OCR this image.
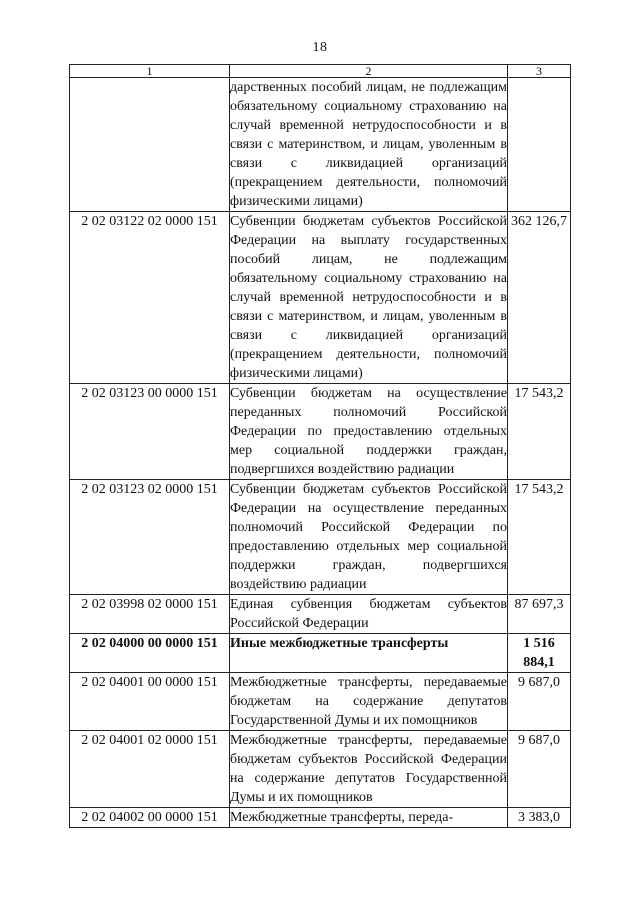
18
1	2	3
	дарственных пособий лицам, не подлежащим обязательному социальному страхованию на случай временной нетрудоспособности и в связи с материнством, и лицам, уволенным в связи с ликвидацией организаций (прекращением деятельности, полномочий физическими лицами)	
2 02 03122 02 0000 151	Субвенции бюджетам субъектов Российской Федерации на выплату государственных пособий лицам, не подлежащим обязательному социальному страхованию на случай временной нетрудоспособности и в связи с материнством, и лицам, уволенным в связи с ликвидацией организаций (прекращением деятельности, полномочий физическими лицами)	362 126,7
2 02 03123 00 0000 151	Субвенции бюджетам на осуществление переданных полномочий Российской Федерации по предоставлению отдельных мер социальной поддержки граждан, подвергшихся воздействию радиации	17 543,2
2 02 03123 02 0000 151	Субвенции бюджетам субъектов Российской Федерации на осуществление переданных полномочий Российской Федерации по предоставлению отдельных мер социальной поддержки граждан, подвергшихся воздействию радиации	17 543,2
2 02 03998 02 0000 151	Единая субвенция бюджетам субъектов Российской Федерации	87 697,3
2 02 04000 00 0000 151	Иные межбюджетные трансферты	1 516 884,1
2 02 04001 00 0000 151	Межбюджетные трансферты, передаваемые бюджетам на содержание депутатов Государственной Думы и их помощников	9 687,0
2 02 04001 02 0000 151	Межбюджетные трансферты, передаваемые бюджетам субъектов Российской Федерации на содержание депутатов Государственной Думы и их помощников	9 687,0
2 02 04002 00 0000 151	Межбюджетные трансферты, переда-	3 383,0
